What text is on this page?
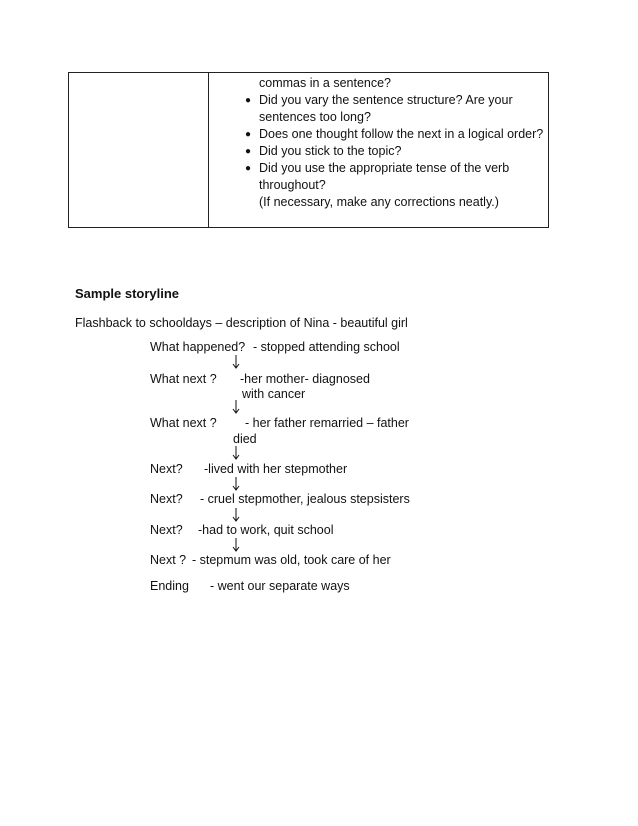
commas in a sentence?
● Did you vary the sentence structure? Are your
sentences too long?
● Does one thought follow the next in a logical order?
● Did you stick to the topic?
● Did you use the appropriate tense of the verb
throughout?
(If necessary, make any corrections neatly.)
Sample storyline
Flashback to schooldays – description of Nina - beautiful girl
What happened? - stopped attending school
What next ? -her mother- diagnosed
with cancer
What next ? - her father remarried – father
died
Next? -lived with her stepmother
Next? - cruel stepmother, jealous stepsisters
Next? -had to work, quit school
Next ? - stepmum was old, took care of her
Ending - went our separate ways
